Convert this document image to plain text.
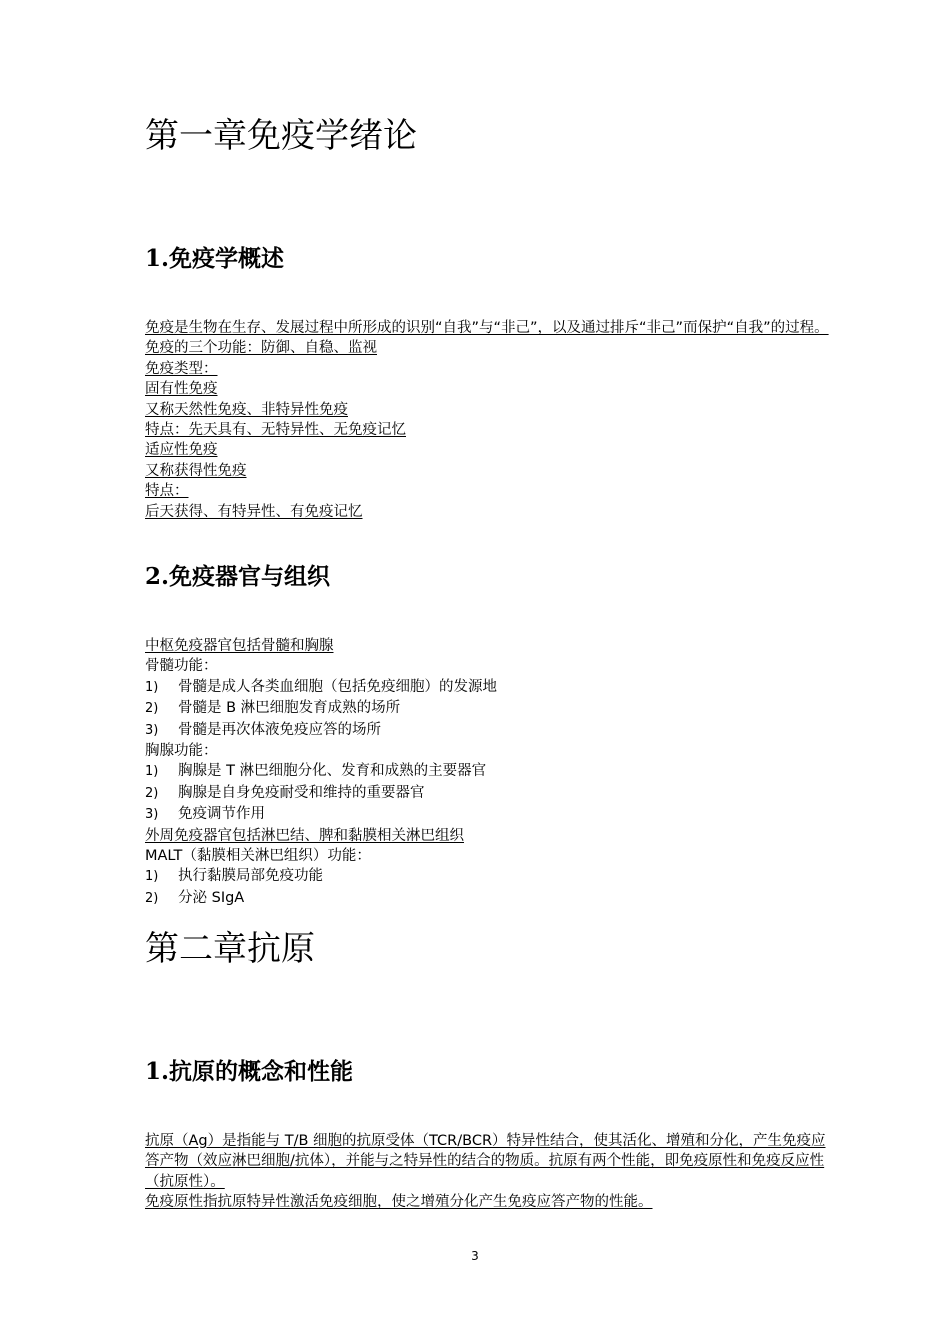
第一章免疫学绪论
1.免疫学概述
免疫是生物在生存、发展过程中所形成的识别“自我”与“非己”，以及通过排斥“非己”而保护“自我”的过程。
免疫的三个功能：防御、自稳、监视
免疫类型：
固有性免疫
又称天然性免疫、非特异性免疫
特点：先天具有、无特异性、无免疫记忆
适应性免疫
又称获得性免疫
特点：
后天获得、有特异性、有免疫记忆
2.免疫器官与组织
中枢免疫器官包括骨髓和胸腺
骨髓功能：
1) 骨髓是成人各类血细胞（包括免疫细胞）的发源地
2) 骨髓是 B 淋巴细胞发育成熟的场所
3) 骨髓是再次体液免疫应答的场所
胸腺功能：
1) 胸腺是 T 淋巴细胞分化、发育和成熟的主要器官
2) 胸腺是自身免疫耐受和维持的重要器官
3) 免疫调节作用
外周免疫器官包括淋巴结、脾和黏膜相关淋巴组织
MALT（黏膜相关淋巴组织）功能：
1) 执行黏膜局部免疫功能
2) 分泌 SIgA
第二章抗原
1.抗原的概念和性能
抗原（Ag）是指能与 T/B 细胞的抗原受体（TCR/BCR）特异性结合，使其活化、增殖和分化，产生免疫应答产物（效应淋巴细胞/抗体），并能与之特异性的结合的物质。抗原有两个性能，即免疫原性和免疫反应性（抗原性）。
免疫原性指抗原特异性激活免疫细胞，使之增殖分化产生免疫应答产物的性能。
3
